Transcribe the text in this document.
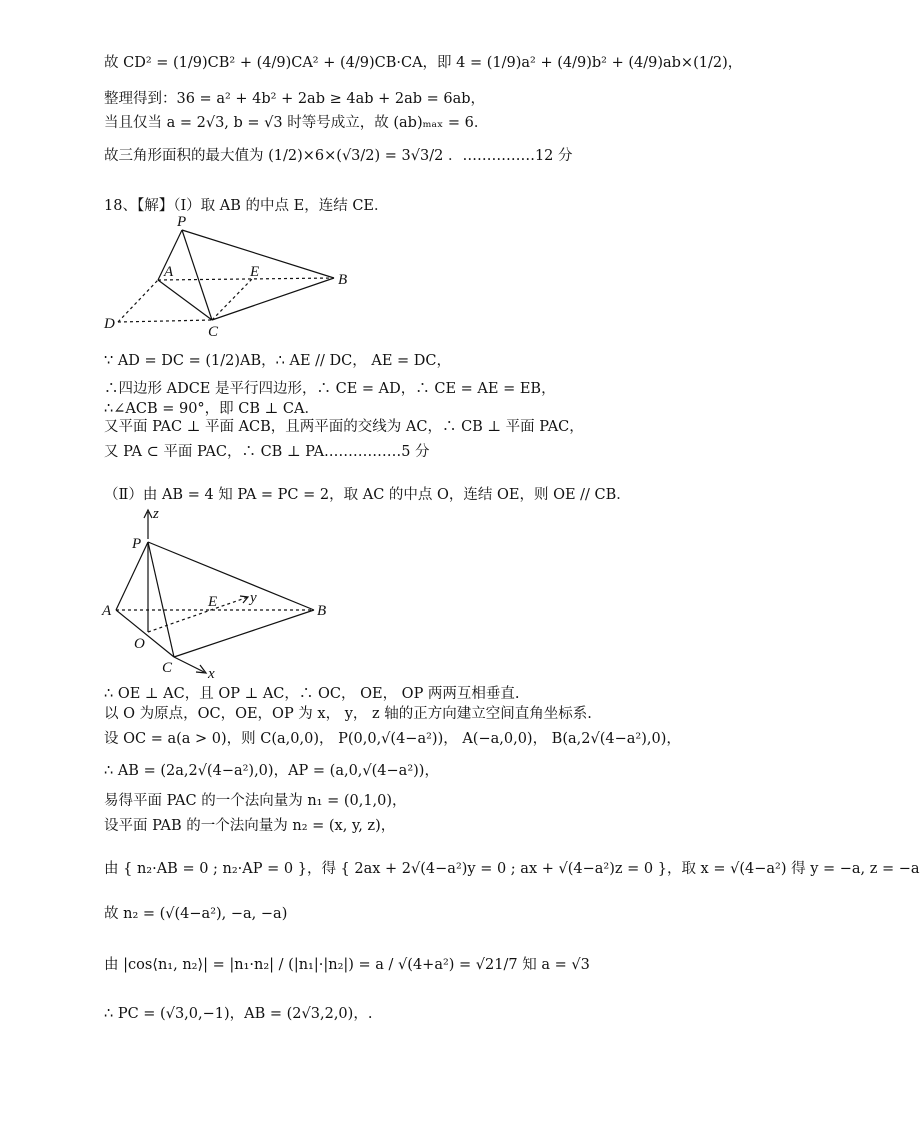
故 CD² = (1/9)CB² + (4/9)CA² + (4/9)CB·CA，即 4 = (1/9)a² + (4/9)b² + (4/9)ab×(1/2)，
整理得到：36 = a² + 4b² + 2ab ≥ 4ab + 2ab = 6ab，
当且仅当 a = 2√3, b = √3 时等号成立，故 (ab)ₘₐₓ = 6．
故三角形面积的最大值为 (1/2)×6×(√3/2) = 3√3/2 ．……………12 分
18、【解】（Ⅰ）取 AB 的中点 E，连结 CE．
P
A	E	B
D	C
∵ AD = DC = (1/2)AB，∴ AE // DC， AE = DC，
∴四边形 ADCE 是平行四边形，∴ CE = AD，∴ CE = AE = EB，
∴∠ACB = 90°，即 CB ⊥ CA．
又平面 PAC ⊥ 平面 ACB，且两平面的交线为 AC，∴ CB ⊥ 平面 PAC，
又 PA ⊂ 平面 PAC，∴ CB ⊥ PA.……………5 分
（Ⅱ）由 AB = 4 知 PA = PC = 2，取 AC 的中点 O，连结 OE，则 OE // CB．
z
P
A
E y
B
O
C x
∴ OE ⊥ AC，且 OP ⊥ AC，∴ OC， OE， OP 两两互相垂直.
以 O 为原点，OC，OE，OP 为 x， y， z 轴的正方向建立空间直角坐标系.
设 OC = a(a > 0)，则 C(a,0,0)， P(0,0,√(4−a²))， A(−a,0,0)， B(a,2√(4−a²),0)，
∴ AB = (2a,2√(4−a²),0)，AP = (a,0,√(4−a²))，
易得平面 PAC 的一个法向量为 n₁ = (0,1,0)，
设平面 PAB 的一个法向量为 n₂ = (x, y, z)，
由 { n₂·AB = 0 ; n₂·AP = 0 }，得 { 2ax + 2√(4−a²)y = 0 ; ax + √(4−a²)z = 0 }，取 x = √(4−a²) 得 y = −a, z = −a
故 n₂ = (√(4−a²), −a, −a)
由 |cos⟨n₁, n₂⟩| = |n₁·n₂| / (|n₁|·|n₂|) = a / √(4+a²) = √21/7 知 a = √3
∴ PC = (√3,0,−1)，AB = (2√3,2,0)，.
